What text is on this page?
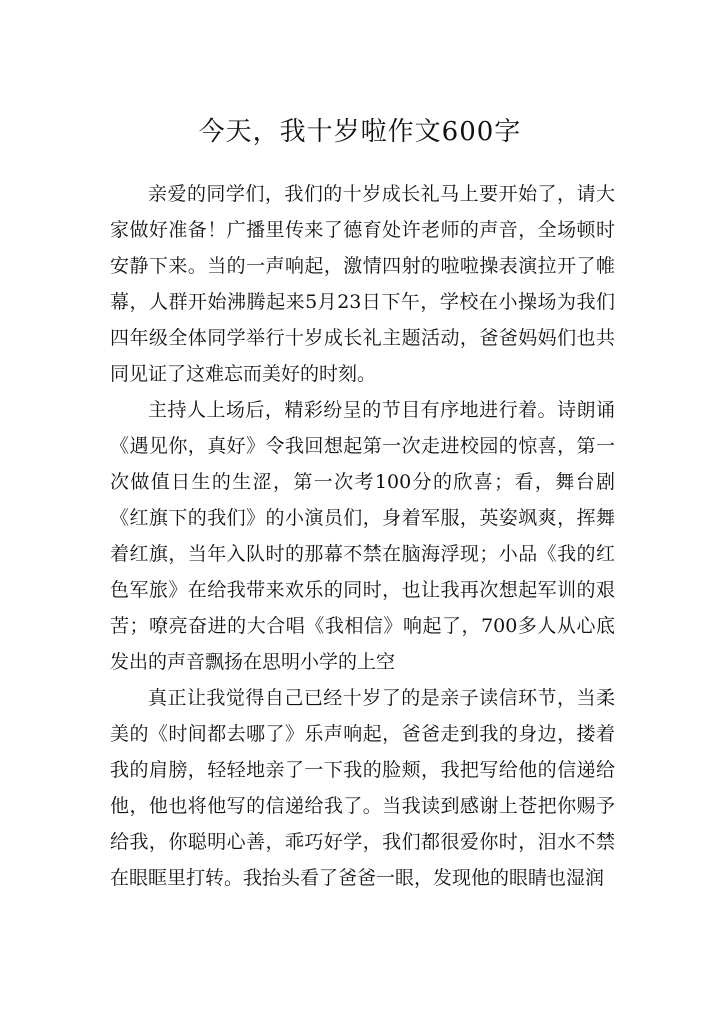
今天，我十岁啦作文600字

亲爱的同学们，我们的十岁成长礼马上要开始了，请大家做好准备！广播里传来了德育处许老师的声音，全场顿时安静下来。当的一声响起，激情四射的啦啦操表演拉开了帷幕，人群开始沸腾起来5月23日下午，学校在小操场为我们四年级全体同学举行十岁成长礼主题活动，爸爸妈妈们也共同见证了这难忘而美好的时刻。

主持人上场后，精彩纷呈的节目有序地进行着。诗朗诵《遇见你，真好》令我回想起第一次走进校园的惊喜，第一次做值日生的生涩，第一次考100分的欣喜；看，舞台剧《红旗下的我们》的小演员们，身着军服，英姿飒爽，挥舞着红旗，当年入队时的那幕不禁在脑海浮现；小品《我的红色军旅》在给我带来欢乐的同时，也让我再次想起军训的艰苦；嘹亮奋进的大合唱《我相信》响起了，700多人从心底发出的声音飘扬在思明小学的上空

真正让我觉得自己已经十岁了的是亲子读信环节，当柔美的《时间都去哪了》乐声响起，爸爸走到我的身边，搂着我的肩膀，轻轻地亲了一下我的脸颊，我把写给他的信递给他，他也将他写的信递给我了。当我读到感谢上苍把你赐予给我，你聪明心善，乖巧好学，我们都很爱你时，泪水不禁在眼眶里打转。我抬头看了爸爸一眼，发现他的眼睛也湿润
